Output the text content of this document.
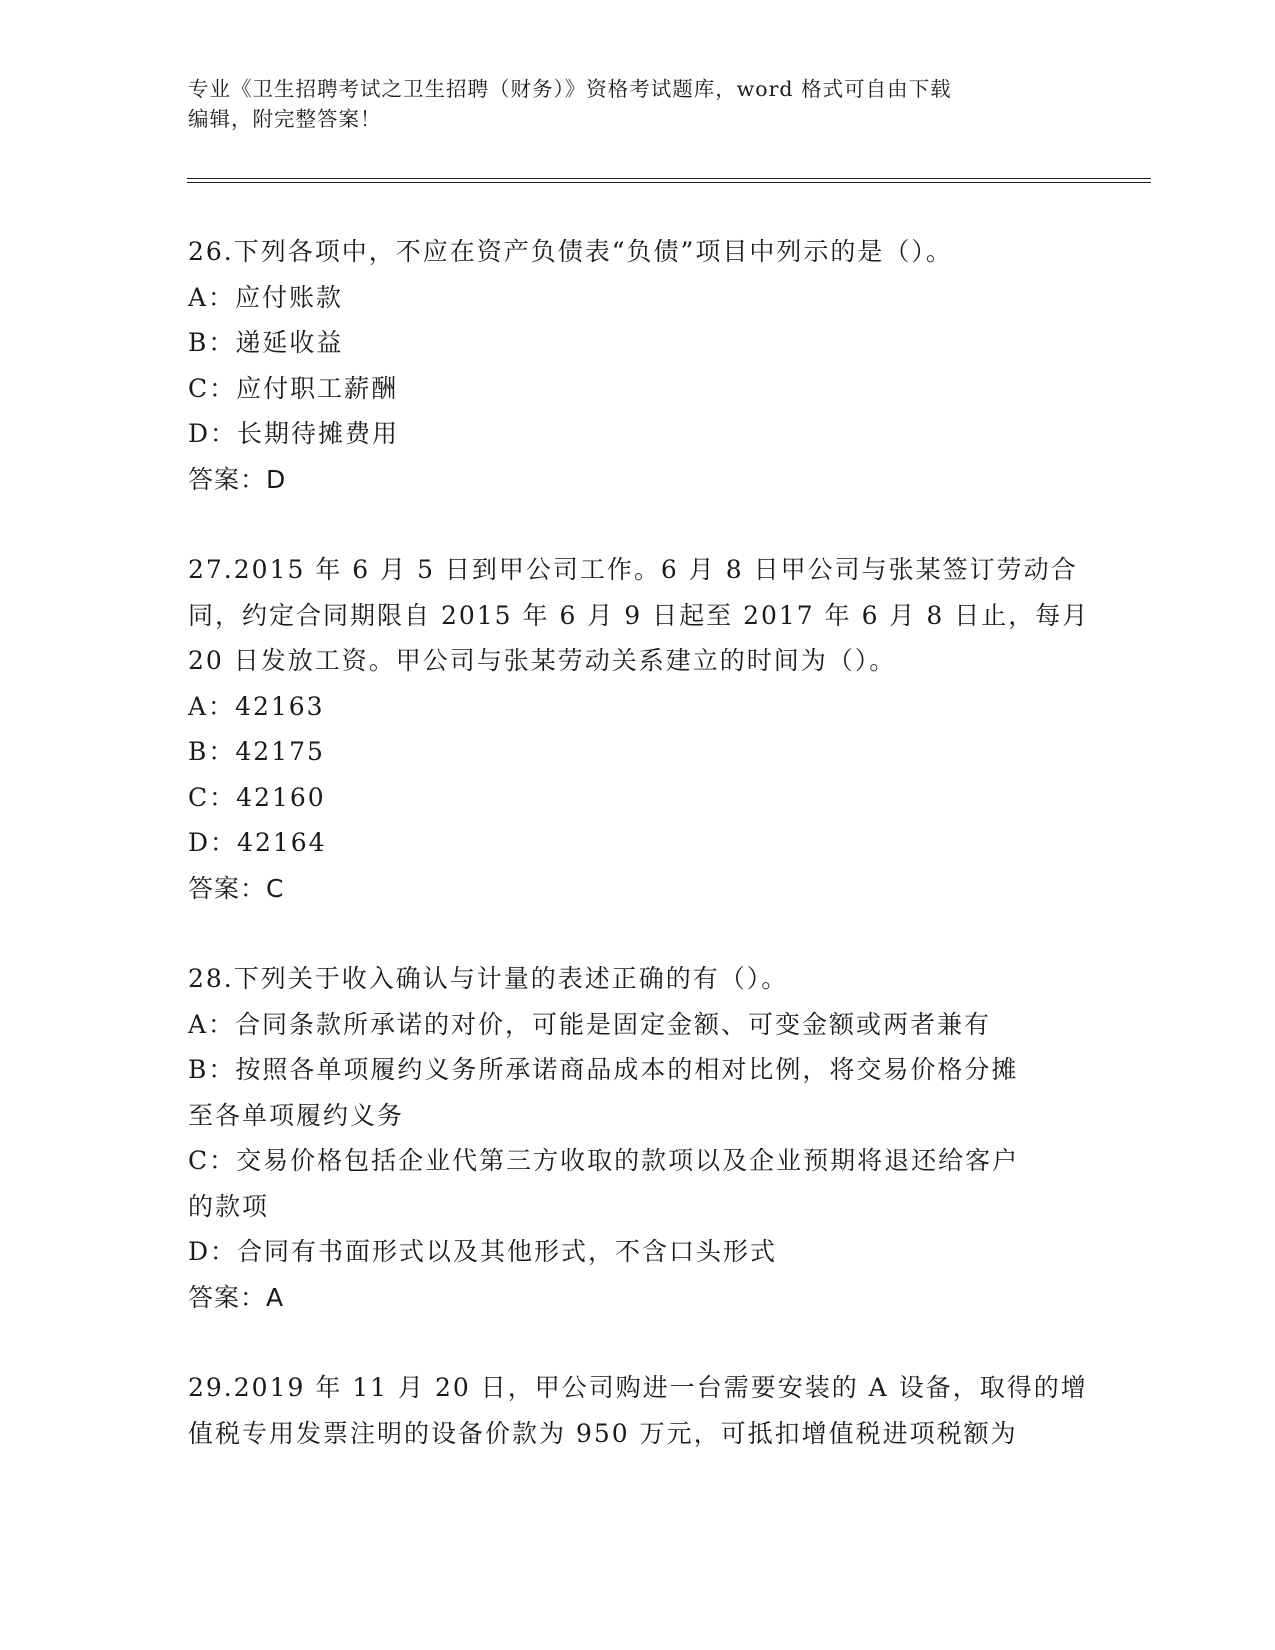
专业《卫生招聘考试之卫生招聘（财务）》资格考试题库，word 格式可自由下载
编辑，附完整答案！
26.下列各项中，不应在资产负债表“负债”项目中列示的是（）。
A：应付账款
B：递延收益
C：应付职工薪酬
D：长期待摊费用
答案：D
27.2015 年 6 月 5 日到甲公司工作。6 月 8 日甲公司与张某签订劳动合
同，约定合同期限自 2015 年 6 月 9 日起至 2017 年 6 月 8 日止，每月
20 日发放工资。甲公司与张某劳动关系建立的时间为（）。
A：42163
B：42175
C：42160
D：42164
答案：C
28.下列关于收入确认与计量的表述正确的有（）。
A：合同条款所承诺的对价，可能是固定金额、可变金额或两者兼有
B：按照各单项履约义务所承诺商品成本的相对比例，将交易价格分摊
至各单项履约义务
C：交易价格包括企业代第三方收取的款项以及企业预期将退还给客户
的款项
D：合同有书面形式以及其他形式，不含口头形式
答案：A
29.2019 年 11 月 20 日，甲公司购进一台需要安装的 A 设备，取得的增
值税专用发票注明的设备价款为 950 万元，可抵扣增值税进项税额为
